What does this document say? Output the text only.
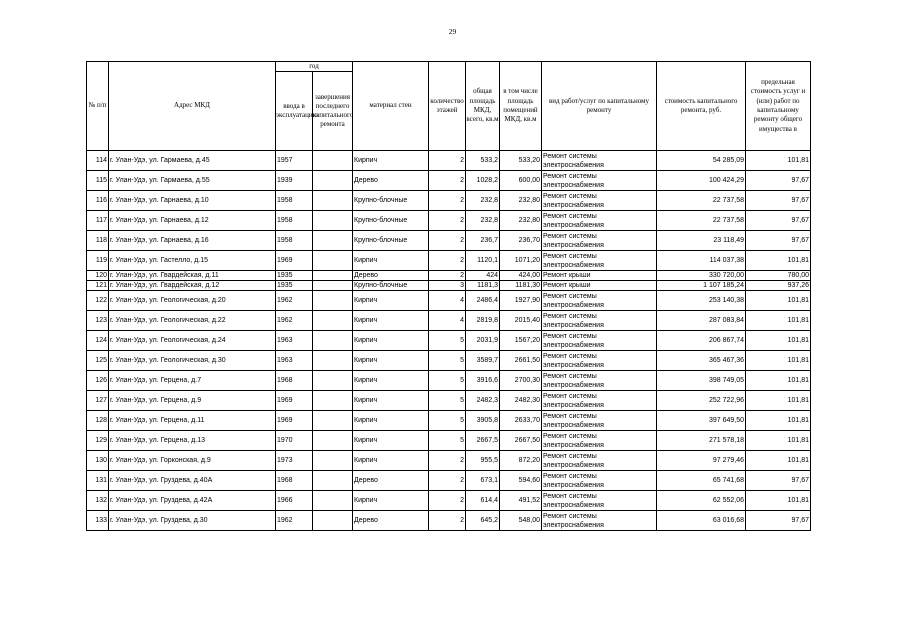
29
№ п/п	Адрес МКД	год		материал стен	количество этажей	общая площадь МКД, всего, кв.м	в том числе площадь помещений МКД, кв.м	вид работ/услуг по капитальному ремонту	стоимость капитального ремонта, руб.	предельная стоимость услуг и (или) работ по капитальному ремонту общего имущества в
		ввода в эксплуатацию	завершения последнего капитального ремонта							
114	г. Улан-Удэ, ул. Гармаева, д.45	1957		Кирпич	2	533,2	533,20	Ремонт системы электроснабжения	54 285,09	101,81
115	г. Улан-Удэ, ул. Гармаева, д.55	1939		Дерево	2	1028,2	600,00	Ремонт системы электроснабжения	100 424,29	97,67
116	г. Улан-Удэ, ул. Гарнаева, д.10	1958		Крупно-блочные	2	232,8	232,80	Ремонт системы электроснабжения	22 737,58	97,67
117	г. Улан-Удэ, ул. Гарнаева, д.12	1958		Крупно-блочные	2	232,8	232,80	Ремонт системы электроснабжения	22 737,58	97,67
118	г. Улан-Удэ, ул. Гарнаева, д.16	1958		Крупно-блочные	2	236,7	236,70	Ремонт системы электроснабжения	23 118,49	97,67
119	г. Улан-Удэ, ул. Гастелло, д.15	1969		Кирпич	2	1120,1	1071,20	Ремонт системы электроснабжения	114 037,38	101,81
120	г. Улан-Удэ, ул. Гвардейская, д.11	1935		Дерево	2	424	424,00	Ремонт крыши	330 720,00	780,00
121	г. Улан-Удэ, ул. Гвардейская, д.12	1935		Крупно-блочные	3	1181,3	1181,30	Ремонт крыши	1 107 185,24	937,26
122	г. Улан-Удэ, ул. Геологическая, д.20	1962		Кирпич	4	2486,4	1927,90	Ремонт системы электроснабжения	253 140,38	101,81
123	г. Улан-Удэ, ул. Геологическая, д.22	1962		Кирпич	4	2819,8	2015,40	Ремонт системы электроснабжения	287 083,84	101,81
124	г. Улан-Удэ, ул. Геологическая, д.24	1963		Кирпич	5	2031,9	1567,20	Ремонт системы электроснабжения	206 867,74	101,81
125	г. Улан-Удэ, ул. Геологическая, д.30	1963		Кирпич	5	3589,7	2661,50	Ремонт системы электроснабжения	365 467,36	101,81
126	г. Улан-Удэ, ул. Герцена, д.7	1968		Кирпич	5	3916,6	2700,30	Ремонт системы электроснабжения	398 749,05	101,81
127	г. Улан-Удэ, ул. Герцена, д.9	1969		Кирпич	5	2482,3	2482,30	Ремонт системы электроснабжения	252 722,96	101,81
128	г. Улан-Удэ, ул. Герцена, д.11	1969		Кирпич	5	3905,8	2633,70	Ремонт системы электроснабжения	397 649,50	101,81
129	г. Улан-Удэ, ул. Герцена, д.13	1970		Кирпич	5	2667,5	2667,50	Ремонт системы электроснабжения	271 578,18	101,81
130	г. Улан-Удэ, ул. Горконская, д.9	1973		Кирпич	2	955,5	872,20	Ремонт системы электроснабжения	97 279,46	101,81
131	г. Улан-Удэ, ул. Груздева, д.40А	1968		Дерево	2	673,1	594,60	Ремонт системы электроснабжения	65 741,68	97,67
132	г. Улан-Удэ, ул. Груздева, д.42А	1966		Кирпич	2	614,4	491,52	Ремонт системы электроснабжения	62 552,06	101,81
133	г. Улан-Удэ, ул. Груздева, д.30	1962		Дерево	2	645,2	548,00	Ремонт системы электроснабжения	63 016,68	97,67
